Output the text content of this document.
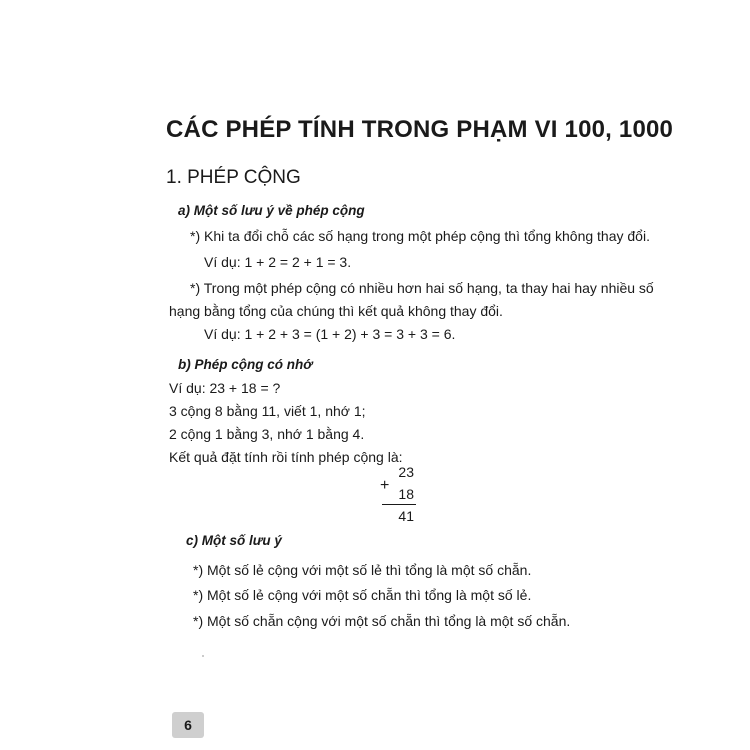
CÁC PHÉP TÍNH TRONG PHẠM VI 100, 1000
1. PHÉP CỘNG
a) Một số lưu ý về phép cộng
*) Khi ta đổi chỗ các số hạng trong một phép cộng thì tổng không thay đổi.
Ví dụ: 1 + 2 = 2 + 1 = 3.
*) Trong một phép cộng có nhiều hơn hai số hạng, ta thay hai hay nhiều số
hạng bằng tổng của chúng thì kết quả không thay đổi.
Ví dụ: 1 + 2 + 3 = (1 + 2) + 3 = 3 + 3 = 6.
b) Phép cộng có nhớ
Ví dụ: 23 + 18 = ?
3 cộng 8 bằng 11, viết 1, nhớ 1;
2 cộng 1 bằng 3, nhớ 1 bằng 4.
Kết quả đặt tính rồi tính phép cộng là:
23
+ 18
41
c) Một số lưu ý
*) Một số lẻ cộng với một số lẻ thì tổng là một số chẵn.
*) Một số lẻ cộng với một số chẵn thì tổng là một số lẻ.
*) Một số chẵn cộng với một số chẵn thì tổng là một số chẵn.
6
